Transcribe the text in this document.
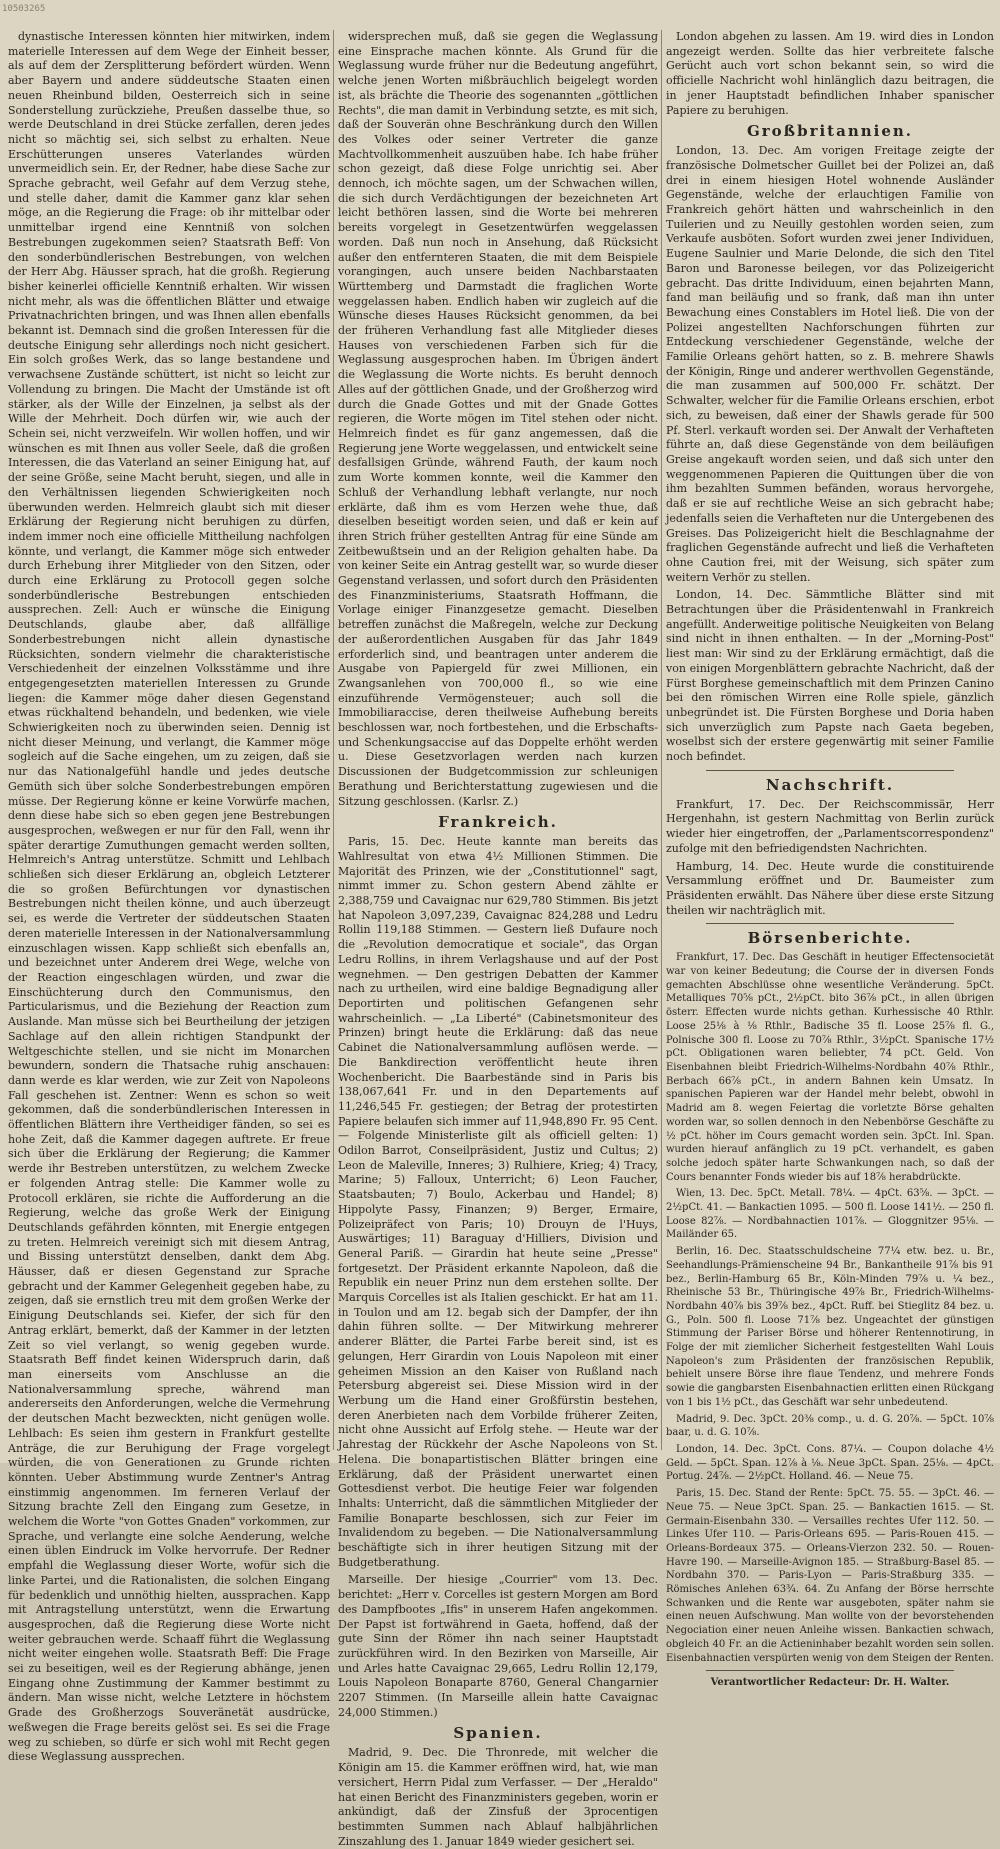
10503265

dynastische Interessen könnten hier mitwirken, indem materielle Interessen auf dem Wege der Einheit besser, als auf dem der Zersplitterung befördert würden. Wenn aber Bayern und andere süddeutsche Staaten einen neuen Rheinbund bilden, Oesterreich sich in seine Sonderstellung zurückziehe, Preußen dasselbe thue, so werde Deutschland in drei Stücke zerfallen, deren jedes nicht so mächtig sei, sich selbst zu erhalten. Neue Erschütterungen unseres Vaterlandes würden unvermeidlich sein. Er, der Redner, habe diese Sache zur Sprache gebracht, weil Gefahr auf dem Verzug stehe, und stelle daher, damit die Kammer ganz klar sehen möge, an die Regierung die Frage: ob ihr mittelbar oder unmittelbar irgend eine Kenntniß von solchen Bestrebungen zugekommen seien? Staatsrath Beff: Von den sonderbündlerischen Bestrebungen, von welchen der Herr Abg. Häusser sprach, hat die großh. Regierung bisher keinerlei officielle Kenntniß erhalten. Wir wissen nicht mehr, als was die öffentlichen Blätter und etwaige Privatnachrichten bringen, und was Ihnen allen ebenfalls bekannt ist. Demnach sind die großen Interessen für die deutsche Einigung sehr allerdings noch nicht gesichert. Ein solch großes Werk, das so lange bestandene und verwachsene Zustände schüttert, ist nicht so leicht zur Vollendung zu bringen. Die Macht der Umstände ist oft stärker, als der Wille der Einzelnen, ja selbst als der Wille der Mehrheit. Doch dürfen wir, wie auch der Schein sei, nicht verzweifeln. Wir wollen hoffen, und wir wünschen es mit Ihnen aus voller Seele, daß die großen Interessen, die das Vaterland an seiner Einigung hat, auf der seine Größe, seine Macht beruht, siegen, und alle in den Verhältnissen liegenden Schwierigkeiten noch überwunden werden. Helmreich glaubt sich mit dieser Erklärung der Regierung nicht beruhigen zu dürfen, indem immer noch eine officielle Mittheilung nachfolgen könnte, und verlangt, die Kammer möge sich entweder durch Erhebung ihrer Mitglieder von den Sitzen, oder durch eine Erklärung zu Protocoll gegen solche sonderbündlerische Bestrebungen entschieden aussprechen. Zell: Auch er wünsche die Einigung Deutschlands, glaube aber, daß allfällige Sonderbestrebungen nicht allein dynastische Rücksichten, sondern vielmehr die charakteristische Verschiedenheit der einzelnen Volksstämme und ihre entgegengesetzten materiellen Interessen zu Grunde liegen: die Kammer möge daher diesen Gegenstand etwas rückhaltend behandeln, und bedenken, wie viele Schwierigkeiten noch zu überwinden seien. Dennig ist nicht dieser Meinung, und verlangt, die Kammer möge sogleich auf die Sache eingehen, um zu zeigen, daß sie nur das Nationalgefühl handle und jedes deutsche Gemüth sich über solche Sonderbestrebungen empören müsse. Der Regierung könne er keine Vorwürfe machen, denn diese habe sich so eben gegen jene Bestrebungen ausgesprochen, weßwegen er nur für den Fall, wenn ihr später derartige Zumuthungen gemacht werden sollten, Helmreich's Antrag unterstütze. Schmitt und Lehlbach schließen sich dieser Erklärung an, obgleich Letzterer die so großen Befürchtungen vor dynastischen Bestrebungen nicht theilen könne, und auch überzeugt sei, es werde die Vertreter der süddeutschen Staaten deren materielle Interessen in der Nationalversammlung einzuschlagen wissen. Kapp schließt sich ebenfalls an, und bezeichnet unter Anderem drei Wege, welche von der Reaction eingeschlagen würden, und zwar die Einschüchterung durch den Communismus, den Particularismus, und die Beziehung der Reaction zum Auslande. Man müsse sich bei Beurtheilung der jetzigen Sachlage auf den allein richtigen Standpunkt der Weltgeschichte stellen, und sie nicht im Monarchen bewundern, sondern die Thatsache ruhig anschauen: dann werde es klar werden, wie zur Zeit von Napoleons Fall geschehen ist. Zentner: Wenn es schon so weit gekommen, daß die sonderbündlerischen Interessen in öffentlichen Blättern ihre Vertheidiger fänden, so sei es hohe Zeit, daß die Kammer dagegen auftrete. Er freue sich über die Erklärung der Regierung; die Kammer werde ihr Bestreben unterstützen, zu welchem Zwecke er folgenden Antrag stelle: Die Kammer wolle zu Protocoll erklären, sie richte die Aufforderung an die Regierung, welche das große Werk der Einigung Deutschlands gefährden könnten, mit Energie entgegen zu treten. Helmreich vereinigt sich mit diesem Antrag, und Bissing unterstützt denselben, dankt dem Abg. Häusser, daß er diesen Gegenstand zur Sprache gebracht und der Kammer Gelegenheit gegeben habe, zu zeigen, daß sie ernstlich treu mit dem großen Werke der Einigung Deutschlands sei. Kiefer, der sich für den Antrag erklärt, bemerkt, daß der Kammer in der letzten Zeit so viel verlangt, so wenig gegeben wurde. Staatsrath Beff findet keinen Widerspruch darin, daß man einerseits vom Anschlusse an die Nationalversammlung spreche, während man andererseits den Anforderungen, welche die Vermehrung der deutschen Macht bezweckten, nicht genügen wolle. Lehlbach: Es seien ihm gestern in Frankfurt gestellte Anträge, die zur Beruhigung der Frage vorgelegt würden, die von Generationen zu Grunde richten könnten. Ueber Abstimmung wurde Zentner's Antrag einstimmig angenommen. Im ferneren Verlauf der Sitzung brachte Zell den Eingang zum Gesetze, in welchem die Worte "von Gottes Gnaden" vorkommen, zur Sprache, und verlangte eine solche Aenderung, welche einen üblen Eindruck im Volke hervorrufe. Der Redner empfahl die Weglassung dieser Worte, wofür sich die linke Partei, und die Rationalisten, die solchen Eingang für bedenklich und unnöthig hielten, aussprachen. Kapp mit Antragstellung unterstützt, wenn die Erwartung ausgesprochen, daß die Regierung diese Worte nicht weiter gebrauchen werde. Schaaff führt die Weglassung nicht weiter eingehen wolle. Staatsrath Beff: Die Frage sei zu beseitigen, weil es der Regierung abhänge, jenen Eingang ohne Zustimmung der Kammer bestimmt zu ändern. Man wisse nicht, welche Letztere in höchstem Grade des Großherzogs Souveränetät ausdrücke, weßwegen die Frage bereits gelöst sei. Es sei die Frage weg zu schieben, so dürfe er sich wohl mit Recht gegen diese Weglassung aussprechen.

widersprechen muß, daß sie gegen die Weglassung eine Einsprache machen könnte. Als Grund für die Weglassung wurde früher nur die Bedeutung angeführt, welche jenen Worten mißbräuchlich beigelegt worden ist, als brächte die Theorie des sogenannten „göttlichen Rechts", die man damit in Verbindung setzte, es mit sich, daß der Souverän ohne Beschränkung durch den Willen des Volkes oder seiner Vertreter die ganze Machtvollkommenheit auszuüben habe. Ich habe früher schon gezeigt, daß diese Folge unrichtig sei. Aber dennoch, ich möchte sagen, um der Schwachen willen, die sich durch Verdächtigungen der bezeichneten Art leicht bethören lassen, sind die Worte bei mehreren bereits vorgelegt in Gesetzentwürfen weggelassen worden. Daß nun noch in Ansehung, daß Rücksicht außer den entfernteren Staaten, die mit dem Beispiele vorangingen, auch unsere beiden Nachbarstaaten Württemberg und Darmstadt die fraglichen Worte weggelassen haben. Endlich haben wir zugleich auf die Wünsche dieses Hauses Rücksicht genommen, da bei der früheren Verhandlung fast alle Mitglieder dieses Hauses von verschiedenen Farben sich für die Weglassung ausgesprochen haben. Im Übrigen ändert die Weglassung die Worte nichts. Es beruht dennoch Alles auf der göttlichen Gnade, und der Großherzog wird durch die Gnade Gottes und mit der Gnade Gottes regieren, die Worte mögen im Titel stehen oder nicht. Helmreich findet es für ganz angemessen, daß die Regierung jene Worte weggelassen, und entwickelt seine desfallsigen Gründe, während Fauth, der kaum noch zum Worte kommen konnte, weil die Kammer den Schluß der Verhandlung lebhaft verlangte, nur noch erklärte, daß ihm es vom Herzen wehe thue, daß dieselben beseitigt worden seien, und daß er kein auf ihren Strich früher gestellten Antrag für eine Sünde am Zeitbewußtsein und an der Religion gehalten habe. Da von keiner Seite ein Antrag gestellt war, so wurde dieser Gegenstand verlassen, und sofort durch den Präsidenten des Finanzministeriums, Staatsrath Hoffmann, die Vorlage einiger Finanzgesetze gemacht. Dieselben betreffen zunächst die Maßregeln, welche zur Deckung der außerordentlichen Ausgaben für das Jahr 1849 erforderlich sind, und beantragen unter anderem die Ausgabe von Papiergeld für zwei Millionen, ein Zwangsanlehen von 700,000 fl., so wie eine einzuführende Vermögensteuer; auch soll die Immobiliaraccise, deren theilweise Aufhebung bereits beschlossen war, noch fortbestehen, und die Erbschafts- und Schenkungsaccise auf das Doppelte erhöht werden u. Diese Gesetzvorlagen werden nach kurzen Discussionen der Budgetcommission zur schleunigen Berathung und Berichterstattung zugewiesen und die Sitzung geschlossen. (Karlsr. Z.)

Frankreich.

Paris, 15. Dec. Heute kannte man bereits das Wahlresultat von etwa 4½ Millionen Stimmen. Die Majorität des Prinzen, wie der „Constitutionnel" sagt, nimmt immer zu. Schon gestern Abend zählte er 2,388,759 und Cavaignac nur 629,780 Stimmen. Bis jetzt hat Napoleon 3,097,239, Cavaignac 824,288 und Ledru Rollin 119,188 Stimmen. — Gestern ließ Dufaure noch die „Revolution democratique et sociale", das Organ Ledru Rollins, in ihrem Verlagshause und auf der Post wegnehmen. — Den gestrigen Debatten der Kammer nach zu urtheilen, wird eine baldige Begnadigung aller Deportirten und politischen Gefangenen sehr wahrscheinlich. — „La Liberté" (Cabinetsmoniteur des Prinzen) bringt heute die Erklärung: daß das neue Cabinet die Nationalversammlung auflösen werde. — Die Bankdirection veröffentlicht heute ihren Wochenbericht. Die Baarbestände sind in Paris bis 138,067,641 Fr. und in den Departements auf 11,246,545 Fr. gestiegen; der Betrag der protestirten Papiere belaufen sich immer auf 11,948,890 Fr. 95 Cent. — Folgende Ministerliste gilt als officiell gelten: 1) Odilon Barrot, Conseilpräsident, Justiz und Cultus; 2) Leon de Maleville, Inneres; 3) Rulhiere, Krieg; 4) Tracy, Marine; 5) Falloux, Unterricht; 6) Leon Faucher, Staatsbauten; 7) Boulo, Ackerbau und Handel; 8) Hippolyte Passy, Finanzen; 9) Berger, Ermaire, Polizeipräfect von Paris; 10) Drouyn de l'Huys, Auswärtiges; 11) Baraguay d'Hilliers, Division und General Pariß. — Girardin hat heute seine „Presse" fortgesetzt. Der Präsident erkannte Napoleon, daß die Republik ein neuer Prinz nun dem erstehen sollte. Der Marquis Corcelles ist als Italien geschickt. Er hat am 11. in Toulon und am 12. begab sich der Dampfer, der ihn dahin führen sollte. — Der Mitwirkung mehrerer anderer Blätter, die Partei Farbe bereit sind, ist es gelungen, Herr Girardin von Louis Napoleon mit einer geheimen Mission an den Kaiser von Rußland nach Petersburg abgereist sei. Diese Mission wird in der Werbung um die Hand einer Großfürstin bestehen, deren Anerbieten nach dem Vorbilde früherer Zeiten, nicht ohne Aussicht auf Erfolg stehe. — Heute war der Jahrestag der Rückkehr der Asche Napoleons von St. Helena. Die bonapartistischen Blätter bringen eine Erklärung, daß der Präsident unerwartet einen Gottesdienst verbot. Die heutige Feier war folgenden Inhalts: Unterricht, daß die sämmtlichen Mitglieder der Familie Bonaparte beschlossen, sich zur Feier im Invalidendom zu begeben. — Die Nationalversammlung beschäftigte sich in ihrer heutigen Sitzung mit der Budgetberathung.

Marseille. Der hiesige „Courrier" vom 13. Dec. berichtet: „Herr v. Corcelles ist gestern Morgen am Bord des Dampfbootes „Ifis" in unserem Hafen angekommen. Der Papst ist fortwährend in Gaeta, hoffend, daß der gute Sinn der Römer ihn nach seiner Hauptstadt zurückführen wird. In den Bezirken von Marseille, Air und Arles hatte Cavaignac 29,665, Ledru Rollin 12,179, Louis Napoleon Bonaparte 8760, General Changarnier 2207 Stimmen. (In Marseille allein hatte Cavaignac 24,000 Stimmen.)

Spanien.

Madrid, 9. Dec. Die Thronrede, mit welcher die Königin am 15. die Kammer eröffnen wird, hat, wie man versichert, Herrn Pidal zum Verfasser. — Der „Heraldo" hat einen Bericht des Finanzministers gegeben, worin er ankündigt, daß der Zinsfuß der 3procentigen bestimmten Summen nach Ablauf halbjährlichen Zinszahlung des 1. Januar 1849 wieder gesichert sei.

London abgehen zu lassen. Am 19. wird dies in London angezeigt werden. Sollte das hier verbreitete falsche Gerücht auch vort schon bekannt sein, so wird die officielle Nachricht wohl hinlänglich dazu beitragen, die in jener Hauptstadt befindlichen Inhaber spanischer Papiere zu beruhigen.

Großbritannien.

London, 13. Dec. Am vorigen Freitage zeigte der französische Dolmetscher Guillet bei der Polizei an, daß drei in einem hiesigen Hotel wohnende Ausländer Gegenstände, welche der erlauchtigen Familie von Frankreich gehört hätten und wahrscheinlich in den Tuilerien und zu Neuilly gestohlen worden seien, zum Verkaufe ausböten. Sofort wurden zwei jener Individuen, Eugene Saulnier und Marie Delonde, die sich den Titel Baron und Baronesse beilegen, vor das Polizeigericht gebracht. Das dritte Individuum, einen bejahrten Mann, fand man beiläufig und so frank, daß man ihn unter Bewachung eines Constablers im Hotel ließ. Die von der Polizei angestellten Nachforschungen führten zur Entdeckung verschiedener Gegenstände, welche der Familie Orleans gehört hatten, so z. B. mehrere Shawls der Königin, Ringe und anderer werthvollen Gegenstände, die man zusammen auf 500,000 Fr. schätzt. Der Schwalter, welcher für die Familie Orleans erschien, erbot sich, zu beweisen, daß einer der Shawls gerade für 500 Pf. Sterl. verkauft worden sei. Der Anwalt der Verhafteten führte an, daß diese Gegenstände von dem beiläufigen Greise angekauft worden seien, und daß sich unter den weggenommenen Papieren die Quittungen über die von ihm bezahlten Summen befänden, woraus hervorgehe, daß er sie auf rechtliche Weise an sich gebracht habe; jedenfalls seien die Verhafteten nur die Untergebenen des Greises. Das Polizeigericht hielt die Beschlagnahme der fraglichen Gegenstände aufrecht und ließ die Verhafteten ohne Caution frei, mit der Weisung, sich später zum weitern Verhör zu stellen.

London, 14. Dec. Sämmtliche Blätter sind mit Betrachtungen über die Präsidentenwahl in Frankreich angefüllt. Anderweitige politische Neuigkeiten von Belang sind nicht in ihnen enthalten. — In der „Morning-Post" liest man: Wir sind zu der Erklärung ermächtigt, daß die von einigen Morgenblättern gebrachte Nachricht, daß der Fürst Borghese gemeinschaftlich mit dem Prinzen Canino bei den römischen Wirren eine Rolle spiele, gänzlich unbegründet ist. Die Fürsten Borghese und Doria haben sich unverzüglich zum Papste nach Gaeta begeben, woselbst sich der erstere gegenwärtig mit seiner Familie noch befindet.

Nachschrift.

Frankfurt, 17. Dec. Der Reichscommissär, Herr Hergenhahn, ist gestern Nachmittag von Berlin zurück wieder hier eingetroffen, der „Parlamentscorrespondenz" zufolge mit den befriedigendsten Nachrichten.

Hamburg, 14. Dec. Heute wurde die constituirende Versammlung eröffnet und Dr. Baumeister zum Präsidenten erwählt. Das Nähere über diese erste Sitzung theilen wir nachträglich mit.

Börsenberichte.

Frankfurt, 17. Dec. Das Geschäft in heutiger Effectensocietät war von keiner Bedeutung; die Course der in diversen Fonds gemachten Abschlüsse ohne wesentliche Veränderung. 5pCt. Metalliques 70⅝ pCt., 2½pCt. bito 36⅞ pCt., in allen übrigen österr. Effecten wurde nichts gethan. Kurhessische 40 Rthlr. Loose 25⅛ à ⅛ Rthlr., Badische 35 fl. Loose 25⅞ fl. G., Polnische 300 fl. Loose zu 70⅞ Rthlr., 3½pCt. Spanische 17½ pCt. Obligationen waren beliebter, 74 pCt. Geld. Von Eisenbahnen bleibt Friedrich-Wilhelms-Nordbahn 40⅞ Rthlr., Berbach 66⅞ pCt., in andern Bahnen kein Umsatz. In spanischen Papieren war der Handel mehr belebt, obwohl in Madrid am 8. wegen Feiertag die vorletzte Börse gehalten worden war, so sollen dennoch in den Nebenbörse Geschäfte zu ½ pCt. höher im Cours gemacht worden sein. 3pCt. Inl. Span. wurden hierauf anfänglich zu 19 pCt. verhandelt, es gaben solche jedoch später harte Schwankungen nach, so daß der Cours benannter Fonds wieder bis auf 18⅞ herabdrückte.

Wien, 13. Dec. 5pCt. Metall. 78¼. — 4pCt. 63⅝. — 3pCt. — 2½pCt. 41. — Bankactien 1095. — 500 fl. Loose 141½. — 250 fl. Loose 82⅞. — Nordbahnactien 101⅞. — Gloggnitzer 95⅛. — Mailänder 65.

Berlin, 16. Dec. Staatsschuldscheine 77¼ etw. bez. u. Br., Seehandlungs-Prämienscheine 94 Br., Bankantheile 91⅞ bis 91 bez., Berlin-Hamburg 65 Br., Köln-Minden 79⅞ u. ¼ bez., Rheinische 53 Br., Thüringische 49⅞ Br., Friedrich-Wilhelms-Nordbahn 40⅞ bis 39⅞ bez., 4pCt. Ruff. bei Stieglitz 84 bez. u. G., Poln. 500 fl. Loose 71⅞ bez. Ungeachtet der günstigen Stimmung der Pariser Börse und höherer Rentennotirung, in Folge der mit ziemlicher Sicherheit festgestellten Wahl Louis Napoleon's zum Präsidenten der französischen Republik, behielt unsere Börse ihre flaue Tendenz, und mehrere Fonds sowie die gangbarsten Eisenbahnactien erlitten einen Rückgang von 1 bis 1½ pCt., das Geschäft war sehr unbedeutend.

Madrid, 9. Dec. 3pCt. 20⅜ comp., u. d. G. 20⅞. — 5pCt. 10⅞ baar, u. d. G. 10⅞.

London, 14. Dec. 3pCt. Cons. 87¼. — Coupon dolache 4½ Geld. — 5pCt. Span. 12⅞ à ⅛. Neue 3pCt. Span. 25⅛. — 4pCt. Portug. 24⅞. — 2½pCt. Holland. 46. — Neue 75.

Paris, 15. Dec. Stand der Rente: 5pCt. 75. 55. — 3pCt. 46. — Neue 75. — Neue 3pCt. Span. 25. — Bankactien 1615. — St. Germain-Eisenbahn 330. — Versailles rechtes Ufer 112. 50. — Linkes Ufer 110. — Paris-Orleans 695. — Paris-Rouen 415. — Orleans-Bordeaux 375. — Orleans-Vierzon 232. 50. — Rouen-Havre 190. — Marseille-Avignon 185. — Straßburg-Basel 85. — Nordbahn 370. — Paris-Lyon — Paris-Straßburg 335. — Römisches Anlehen 63¾. 64. Zu Anfang der Börse herrschte Schwanken und die Rente war ausgeboten, später nahm sie einen neuen Aufschwung. Man wollte von der bevorstehenden Negociation einer neuen Anleihe wissen. Bankactien schwach, obgleich 40 Fr. an die Actieninhaber bezahlt worden sein sollen. Eisenbahnactien verspürten wenig von dem Steigen der Renten.

Verantwortlicher Redacteur: Dr. H. Walter.
